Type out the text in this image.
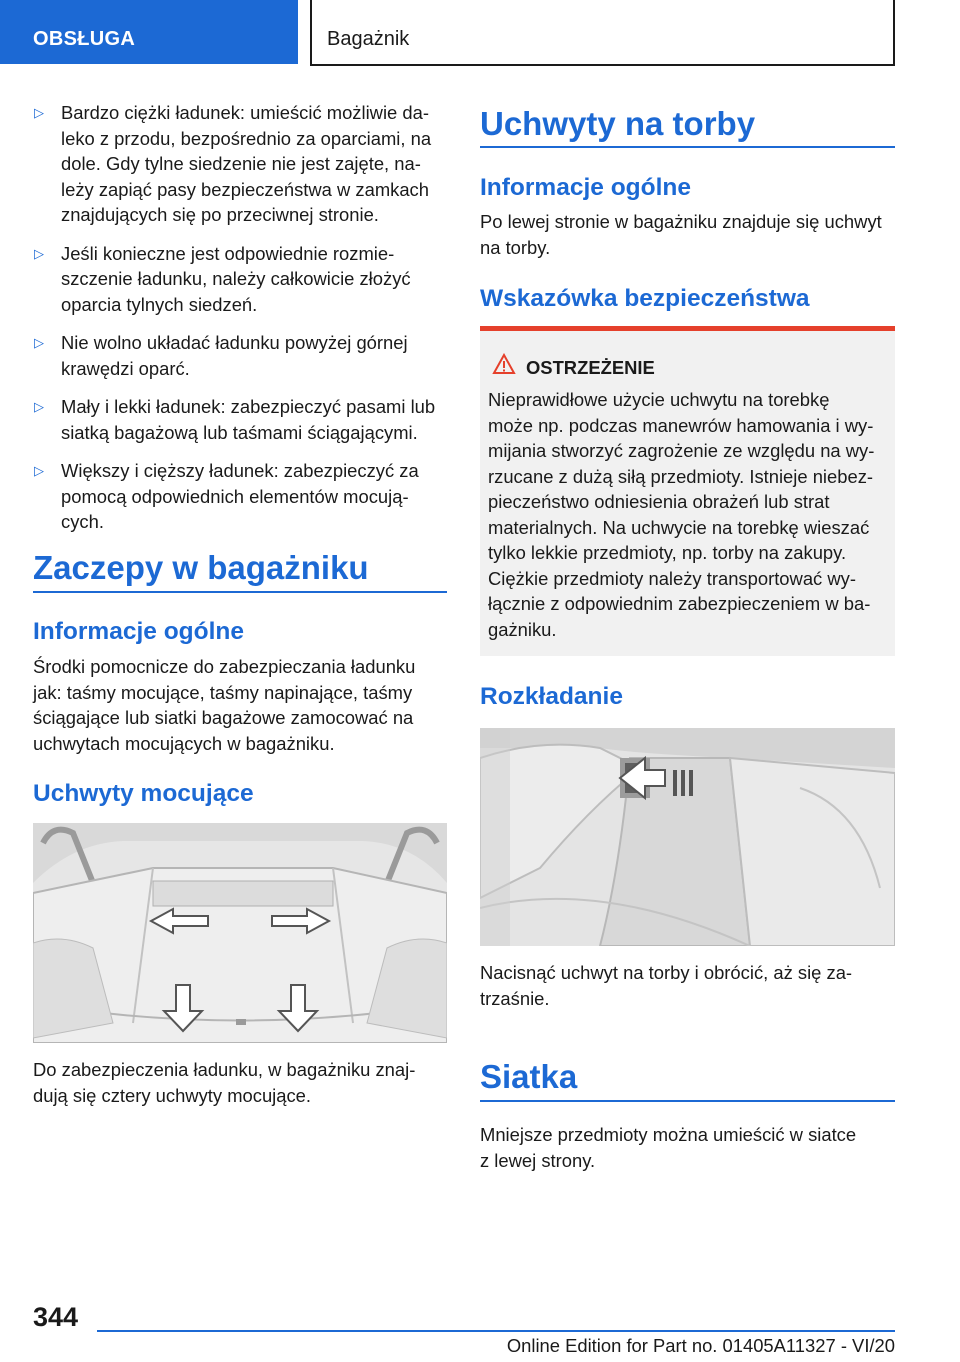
OBSŁUGA	Bagażnik
▷ Bardzo ciężki ładunek: umieścić możliwie da-
leko z przodu, bezpośrednio za oparciami, na
dole. Gdy tylne siedzenie nie jest zajęte, na-
leży zapiąć pasy bezpieczeństwa w zamkach
znajdujących się po przeciwnej stronie.
▷ Jeśli konieczne jest odpowiednie rozmie-
szczenie ładunku, należy całkowicie złożyć
oparcia tylnych siedzeń.
▷ Nie wolno układać ładunku powyżej górnej
krawędzi oparć.
▷ Mały i lekki ładunek: zabezpieczyć pasami lub
siatką bagażową lub taśmami ściągającymi.
▷ Większy i cięższy ładunek: zabezpieczyć za
pomocą odpowiednich elementów mocują-
cych.
Zaczepy w bagażniku
Informacje ogólne
Środki pomocnicze do zabezpieczania ładunku
jak: taśmy mocujące, taśmy napinające, taśmy
ściągające lub siatki bagażowe zamocować na
uchwytach mocujących w bagażniku.
Uchwyty mocujące
Do zabezpieczenia ładunku, w bagażniku znaj-
dują się cztery uchwyty mocujące.
Uchwyty na torby
Informacje ogólne
Po lewej stronie w bagażniku znajduje się uchwyt
na torby.
Wskazówka bezpieczeństwa
OSTRZEŻENIE
Nieprawidłowe użycie uchwytu na torebkę
może np. podczas manewrów hamowania i wy-
mijania stworzyć zagrożenie ze względu na wy-
rzucane z dużą siłą przedmioty. Istnieje niebez-
pieczeństwo odniesienia obrażeń lub strat
materialnych. Na uchwycie na torebkę wieszać
tylko lekkie przedmioty, np. torby na zakupy.
Ciężkie przedmioty należy transportować wy-
łącznie z odpowiednim zabezpieczeniem w ba-
gażniku.
Rozkładanie
Nacisnąć uchwyt na torby i obrócić, aż się za-
trzaśnie.
Siatka
Mniejsze przedmioty można umieścić w siatce
z lewej strony.
344
Online Edition for Part no. 01405A11327 - VI/20
